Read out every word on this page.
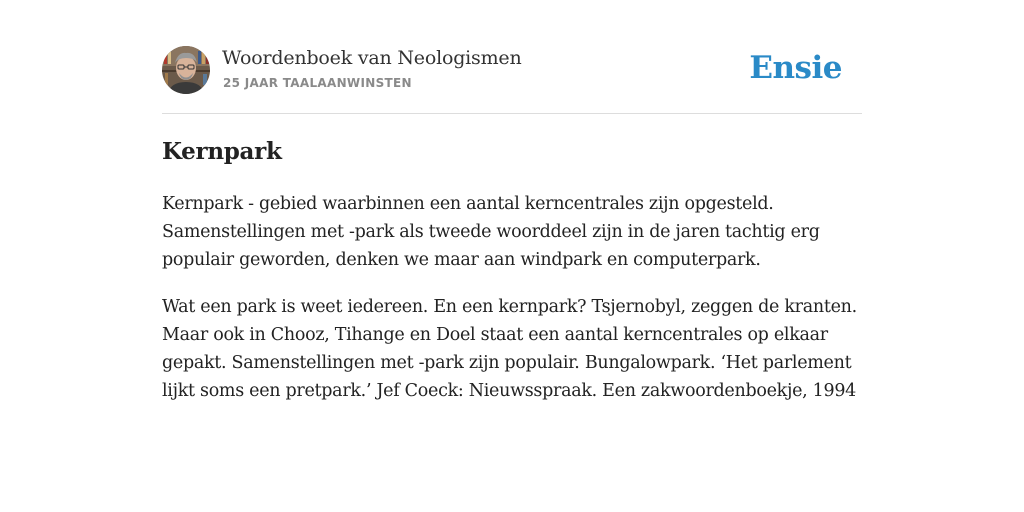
Woordenboek van Neologismen
25 JAAR TAALAANWINSTEN	Ensie
Kernpark

Kernpark - gebied waarbinnen een aantal kerncentrales zijn opgesteld. Samenstellingen met -park als tweede woorddeel zijn in de jaren tachtig erg populair geworden, denken we maar aan windpark en computerpark.

Wat een park is weet iedereen. En een kernpark? Tsjernobyl, zeggen de kranten. Maar ook in Chooz, Tihange en Doel staat een aantal kerncentrales op elkaar gepakt. Samenstellingen met -park zijn populair. Bungalowpark. ‘Het parlement lijkt soms een pretpark.’ Jef Coeck: Nieuwsspraak. Een zakwoordenboekje, 1994
